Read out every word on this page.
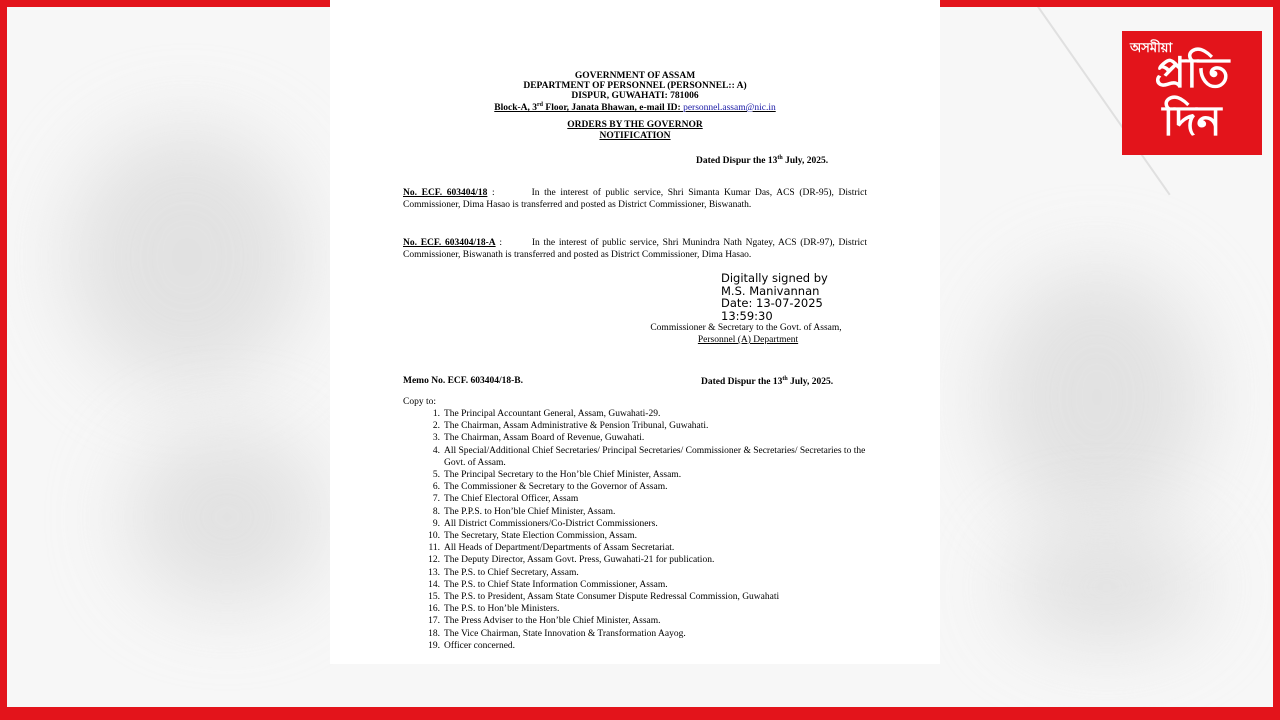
GOVERNMENT OF ASSAM
DEPARTMENT OF PERSONNEL (PERSONNEL:: A)
DISPUR, GUWAHATI: 781006
Block-A, 3rd Floor, Janata Bhawan, e-mail ID: personnel.assam@nic.in
ORDERS BY THE GOVERNOR
NOTIFICATION
Dated Dispur the 13th July, 2025.
No. ECF. 603404/18 :	In the interest of public service, Shri Simanta Kumar Das, ACS (DR-95), District Commissioner, Dima Hasao is transferred and posted as District Commissioner, Biswanath.
No. ECF. 603404/18-A :	In the interest of public service, Shri Munindra Nath Ngatey, ACS (DR-97), District Commissioner, Biswanath is transferred and posted as District Commissioner, Dima Hasao.
Digitally signed by
M.S. Manivannan
Date: 13-07-2025
13:59:30
Commissioner & Secretary to the Govt. of Assam,
Personnel (A) Department
Memo No. ECF. 603404/18-B.	Dated Dispur the 13th July, 2025.
Copy to:
1. The Principal Accountant General, Assam, Guwahati-29.
2. The Chairman, Assam Administrative & Pension Tribunal, Guwahati.
3. The Chairman, Assam Board of Revenue, Guwahati.
4. All Special/Additional Chief Secretaries/ Principal Secretaries/ Commissioner & Secretaries/ Secretaries to the Govt. of Assam.
5. The Principal Secretary to the Hon’ble Chief Minister, Assam.
6. The Commissioner & Secretary to the Governor of Assam.
7. The Chief Electoral Officer, Assam
8. The P.P.S. to Hon’ble Chief Minister, Assam.
9. All District Commissioners/Co-District Commissioners.
10. The Secretary, State Election Commission, Assam.
11. All Heads of Department/Departments of Assam Secretariat.
12. The Deputy Director, Assam Govt. Press, Guwahati-21 for publication.
13. The P.S. to Chief Secretary, Assam.
14. The P.S. to Chief State Information Commissioner, Assam.
15. The P.S. to President, Assam State Consumer Dispute Redressal Commission, Guwahati
16. The P.S. to Hon’ble Ministers.
17. The Press Adviser to the Hon’ble Chief Minister, Assam.
18. The Vice Chairman, State Innovation & Transformation Aayog.
19. Officer concerned.
অসমীয়া
প্ৰতি
দিন
